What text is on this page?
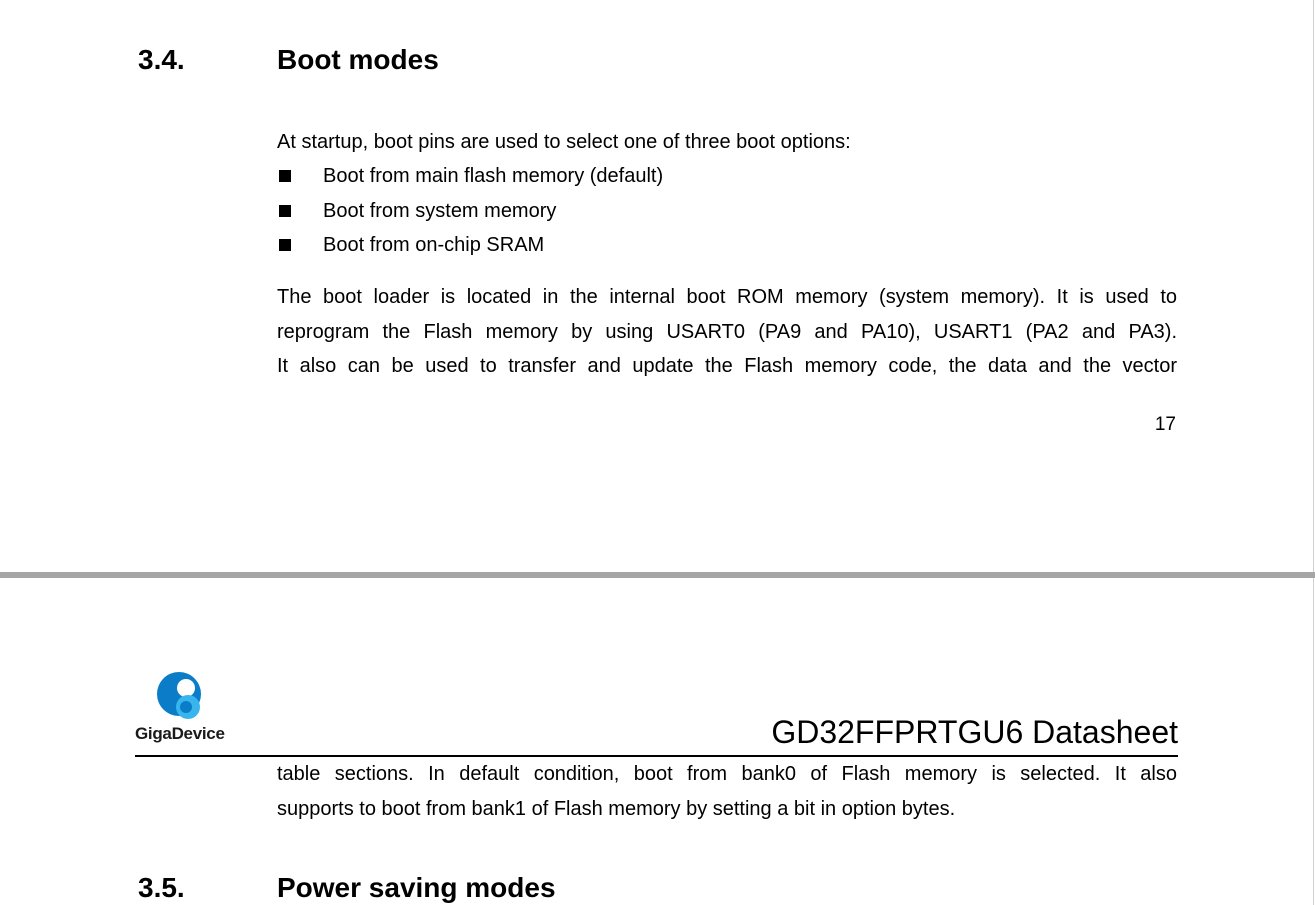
3.4.	Boot modes
At startup, boot pins are used to select one of three boot options:
Boot from main flash memory (default)
Boot from system memory
Boot from on-chip SRAM
The boot loader is located in the internal boot ROM memory (system memory). It is used to
reprogram the Flash memory by using USART0 (PA9 and PA10), USART1 (PA2 and PA3).
It also can be used to transfer and update the Flash memory code, the data and the vector
17
GigaDevice	GD32FFPRTGU6 Datasheet
table sections. In default condition, boot from bank0 of Flash memory is selected. It also
supports to boot from bank1 of Flash memory by setting a bit in option bytes.
3.5.	Power saving modes
